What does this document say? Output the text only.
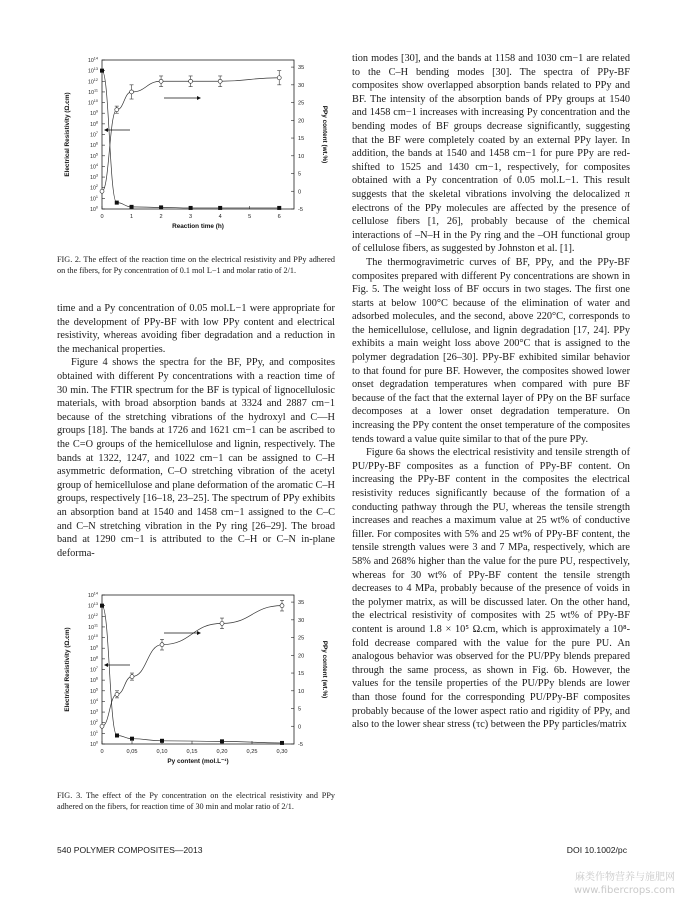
$10^0$
$10^1$
$10^2$
$10^3$
$10^4$
$10^5$
$10^6$
$10^7$
$10^8$
$10^9$
$10^{10}$
$10^{11}$
$10^{12}$
$10^{13}$
$10^{14}$
-5
0
5
10
15
20
25
30
35
0	1	2	3	4	5	6
Reaction time (h)
Electrical Resistivity (Ω.cm)	PPy content (wt.%)
FIG. 2. The effect of the reaction time on the electrical resistivity and PPy adhered on the fibers, for Py concentration of 0.1 mol L−1 and molar ratio of 2/1.

time and a Py concentration of 0.05 mol.L−1 were appropriate for the development of PPy-BF with low PPy content and electrical resistivity, whereas avoiding fiber degradation and a reduction in the mechanical properties.

Figure 4 shows the spectra for the BF, PPy, and composites obtained with different Py concentrations with a reaction time of 30 min. The FTIR spectrum for the BF is typical of lignocellulosic materials, with broad absorption bands at 3324 and 2887 cm−1 because of the stretching vibrations of the hydroxyl and C—H groups [18]. The bands at 1726 and 1621 cm−1 can be ascribed to the C=O groups of the hemicellulose and lignin, respectively. The bands at 1322, 1247, and 1022 cm−1 can be assigned to C–H asymmetric deformation, C–O stretching vibration of the acetyl group of hemicellulose and plane deformation of the aromatic C–H groups, respectively [16–18, 23–25]. The spectrum of PPy exhibits an absorption band at 1540 and 1458 cm−1 assigned to the C–C and C–N stretching vibration in the Py ring [26–29]. The broad band at 1290 cm−1 is attributed to the C–H or C–N in-plane deforma-

$10^0$
$10^1$
$10^2$
$10^3$
$10^4$
$10^5$
$10^6$
$10^7$
$10^8$
$10^9$
$10^{10}$
$10^{11}$
$10^{12}$
$10^{13}$
$10^{14}$
-5
0
5
10
15
20
25
30
35
0	0,05	0,10	0,15	0,20	0,25	0,30
Py content (mol.L⁻¹)
Electrical Resistivity (Ω.cm)	PPy content (wt.%)
FIG. 3. The effect of the Py concentration on the electrical resistivity and PPy adhered on the fibers, for reaction time of 30 min and molar ratio of 2/1.

tion modes [30], and the bands at 1158 and 1030 cm−1 are related to the C–H bending modes [30]. The spectra of PPy-BF composites show overlapped absorption bands related to PPy and BF. The intensity of the absorption bands of PPy groups at 1540 and 1458 cm−1 increases with increasing Py concentration and the bending modes of BF groups decrease significantly, suggesting that the BF were completely coated by an external PPy layer. In addition, the bands at 1540 and 1458 cm−1 for pure PPy are red-shifted to 1525 and 1430 cm−1, respectively, for composites obtained with a Py concentration of 0.05 mol.L−1. This result suggests that the skeletal vibrations involving the delocalized π electrons of the PPy molecules are affected by the presence of cellulose fibers [1, 26], probably because of the chemical interactions of –N–H in the Py ring and the –OH functional group of cellulose fibers, as suggested by Johnston et al. [1].

The thermogravimetric curves of BF, PPy, and the PPy-BF composites prepared with different Py concentrations are shown in Fig. 5. The weight loss of BF occurs in two stages. The first one starts at below 100°C because of the elimination of water and adsorbed molecules, and the second, above 220°C, corresponds to the hemicellulose, cellulose, and lignin degradation [17, 24]. PPy exhibits a main weight loss above 200°C that is assigned to the polymer degradation [26–30]. PPy-BF exhibited similar behavior to that found for pure BF. However, the composites showed lower onset degradation temperatures when compared with pure BF because of the fact that the external layer of PPy on the BF surface decomposes at a lower onset degradation temperature. On increasing the PPy content the onset temperature of the composites tends toward a value quite similar to that of the pure PPy.

Figure 6a shows the electrical resistivity and tensile strength of PU/PPy-BF composites as a function of PPy-BF content. On increasing the PPy-BF content in the composites the electrical resistivity reduces significantly because of the formation of a conducting pathway through the PU, whereas the tensile strength increases and reaches a maximum value at 25 wt% of conductive filler. For composites with 5% and 25 wt% of PPy-BF content, the tensile strength values were 3 and 7 MPa, respectively, which are 58% and 268% higher than the value for the pure PU, respectively, whereas for 30 wt% of PPy-BF content the tensile strength decreases to 4 MPa, probably because of the presence of voids in the polymer matrix, as will be discussed later. On the other hand, the electrical resistivity of composites with 25 wt% of PPy-BF content is around 1.8 × 10⁵ Ω.cm, which is approximately a 10⁸-fold decrease compared with the value for the pure PU. An analogous behavior was observed for the PU/PPy blends prepared through the same process, as shown in Fig. 6b. However, the values for the tensile properties of the PU/PPy blends are lower than those found for the corresponding PU/PPy-BF composites probably because of the lower aspect ratio and rigidity of PPy, and also to the lower shear stress (τc) between the PPy particles/matrix

540 POLYMER COMPOSITES—2013	DOI 10.1002/pc
麻类作物营养与施肥网
www.fibercrops.com
